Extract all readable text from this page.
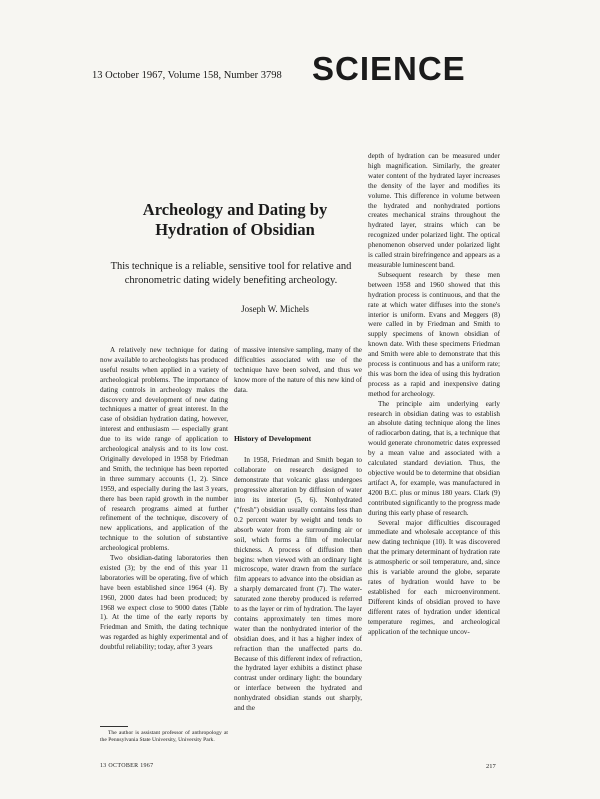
13 October 1967, Volume 158, Number 3798 SCIENCE
Archeology and Dating by Hydration of Obsidian
This technique is a reliable, sensitive tool for relative and chronometric dating widely benefiting archeology.
Joseph W. Michels

A relatively new technique for dating now available to archeologists has produced useful results when applied in a variety of archeological problems. The importance of dating controls in archeology makes the discovery and development of new dating techniques a matter of great interest. In the case of obsidian hydration dating, however, interest and enthusiasm — especially grant due to its wide range of application to archeological analysis and to its low cost. Originally developed in 1958 by Friedman and Smith, the technique has been reported in three summary accounts (1, 2). Since 1959, and especially during the last 3 years, there has been rapid growth in the number of research programs aimed at further refinement of the technique, discovery of new applications, and application of the technique to the solution of substantive archeological problems.

Two obsidian-dating laboratories then existed (3); by the end of this year 11 laboratories will be operating, five of which have been established since 1964 (4). By 1960, 2000 dates had been produced; by 1968 we expect close to 9000 dates (Table 1). At the time of the early reports by Friedman and Smith, the dating technique was regarded as highly experimental and of doubtful reliability; today, after 3 years

of massive intensive sampling, many of the difficulties associated with use of the technique have been solved, and thus we know more of the nature of this new kind of data.

History of Development

In 1958, Friedman and Smith began to collaborate on research designed to demonstrate that volcanic glass undergoes progressive alteration by diffusion of water into its interior (5, 6). Nonhydrated ("fresh") obsidian usually contains less than 0.2 percent water by weight and tends to absorb water from the surrounding air or soil, which forms a film of molecular thickness. A process of diffusion then begins: when viewed with an ordinary light microscope, water drawn from the surface film appears to advance into the obsidian as a sharply demarcated front (7). The water-saturated zone thereby produced is referred to as the layer or rim of hydration. The layer contains approximately ten times more water than the nonhydrated interior of the obsidian does, and it has a higher index of refraction than the unaffected parts do. Because of this different index of refraction, the hydrated layer exhibits a distinct phase contrast under ordinary light: the boundary or interface between the hydrated and nonhydrated obsidian stands out sharply, and the

depth of hydration can be measured under high magnification. Similarly, the greater water content of the hydrated layer increases the density of the layer and modifies its volume. This difference in volume between the hydrated and nonhydrated portions creates mechanical strains throughout the hydrated layer, strains which can be recognized under polarized light. The optical phenomenon observed under polarized light is called strain birefringence and appears as a measurable luminescent band.

Subsequent research by these men between 1958 and 1960 showed that this hydration process is continuous, and that the rate at which water diffuses into the stone's interior is uniform. Evans and Meggers (8) were called in by Friedman and Smith to supply specimens of known obsidian of known date. With these specimens Friedman and Smith were able to demonstrate that this process is continuous and has a uniform rate; this was born the idea of using this hydration process as a rapid and inexpensive dating method for archeology.

The principle aim underlying early research in obsidian dating was to establish an absolute dating technique along the lines of radiocarbon dating, that is, a technique that would generate chronometric dates expressed by a mean value and associated with a calculated standard deviation. Thus, the objective would be to determine that obsidian artifact A, for example, was manufactured in 4200 B.C. plus or minus 180 years. Clark (9) contributed significantly to the progress made during this early phase of research.

Several major difficulties discouraged immediate and wholesale acceptance of this new dating technique (10). It was discovered that the primary determinant of hydration rate is atmospheric or soil temperature, and, since this is variable around the globe, separate rates of hydration would have to be established for each microenvironment. Different kinds of obsidian proved to have different rates of hydration under identical temperature regimes, and archeological application of the technique uncov-

The author is assistant professor of anthropology at the Pennsylvania State University, University Park.
13 OCTOBER 1967	217
